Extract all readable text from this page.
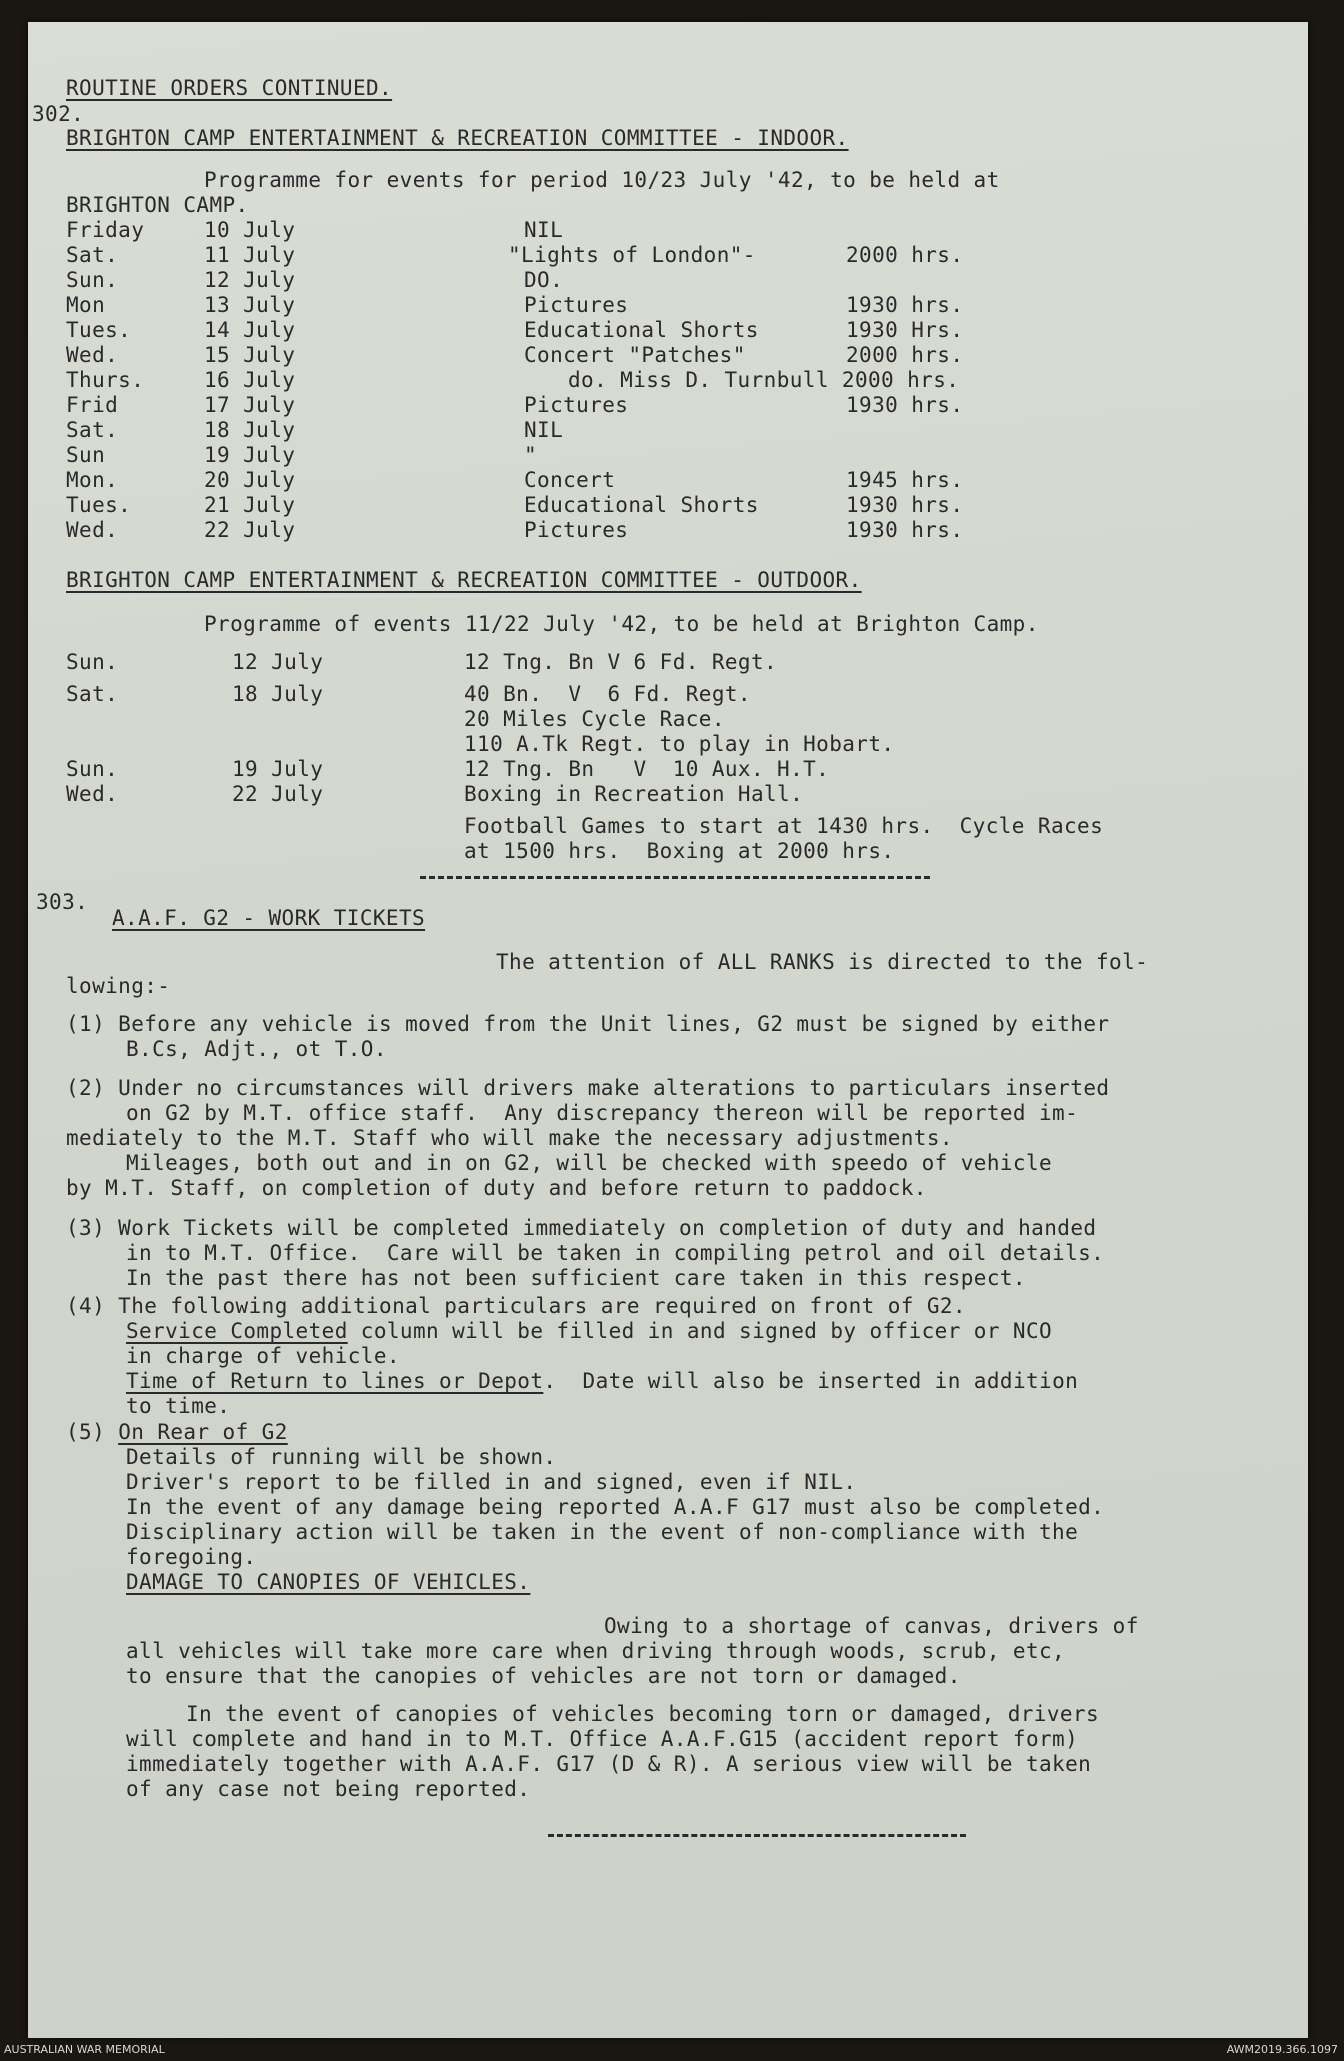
ROUTINE ORDERS CONTINUED.
302.
BRIGHTON CAMP ENTERTAINMENT & RECREATION COMMITTEE - INDOOR.
Programme for events for period 10/23 July '42, to be held at
BRIGHTON CAMP.
Friday	10 July	NIL
Sat.	11 July	"Lights of London"-	2000 hrs.
Sun.	12 July	DO.
Mon	13 July	Pictures	1930 hrs.
Tues.	14 July	Educational Shorts	1930 Hrs.
Wed.	15 July	Concert "Patches"	2000 hrs.
Thurs.	16 July	do. Miss D. Turnbull 2000 hrs.
Frid	17 July	Pictures	1930 hrs.
Sat.	18 July	NIL
Sun	19 July	"
Mon.	20 July	Concert	1945 hrs.
Tues.	21 July	Educational Shorts	1930 hrs.
Wed.	22 July	Pictures	1930 hrs.
BRIGHTON CAMP ENTERTAINMENT & RECREATION COMMITTEE - OUTDOOR.
Programme of events 11/22 July '42, to be held at Brighton Camp.
Sun.	12 July	12 Tng. Bn V 6 Fd. Regt.
Sat.	18 July	40 Bn.  V  6 Fd. Regt.
20 Miles Cycle Race.
110 A.Tk Regt. to play in Hobart.
Sun.	19 July	12 Tng. Bn   V  10 Aux. H.T.
Wed.	22 July	Boxing in Recreation Hall.
Football Games to start at 1430 hrs.  Cycle Races
at 1500 hrs.  Boxing at 2000 hrs.
303.
A.A.F. G2 - WORK TICKETS
The attention of ALL RANKS is directed to the fol-
lowing:-
(1) Before any vehicle is moved from the Unit lines, G2 must be signed by either
B.Cs, Adjt., ot T.O.
(2) Under no circumstances will drivers make alterations to particulars inserted
on G2 by M.T. office staff.  Any discrepancy thereon will be reported im-
mediately to the M.T. Staff who will make the necessary adjustments.
Mileages, both out and in on G2, will be checked with speedo of vehicle
by M.T. Staff, on completion of duty and before return to paddock.
(3) Work Tickets will be completed immediately on completion of duty and handed
in to M.T. Office.  Care will be taken in compiling petrol and oil details.
In the past there has not been sufficient care taken in this respect.
(4) The following additional particulars are required on front of G2.
Service Completed column will be filled in and signed by officer or NCO
in charge of vehicle.
Time of Return to lines or Depot.  Date will also be inserted in addition
to time.
(5) On Rear of G2
Details of running will be shown.
Driver's report to be filled in and signed, even if NIL.
In the event of any damage being reported A.A.F G17 must also be completed.
Disciplinary action will be taken in the event of non-compliance with the
foregoing.
DAMAGE TO CANOPIES OF VEHICLES.
Owing to a shortage of canvas, drivers of
all vehicles will take more care when driving through woods, scrub, etc,
to ensure that the canopies of vehicles are not torn or damaged.
In the event of canopies of vehicles becoming torn or damaged, drivers
will complete and hand in to M.T. Office A.A.F.G15 (accident report form)
immediately together with A.A.F. G17 (D & R). A serious view will be taken
of any case not being reported.
AUSTRALIAN WAR MEMORIAL	AWM2019.366.1097
